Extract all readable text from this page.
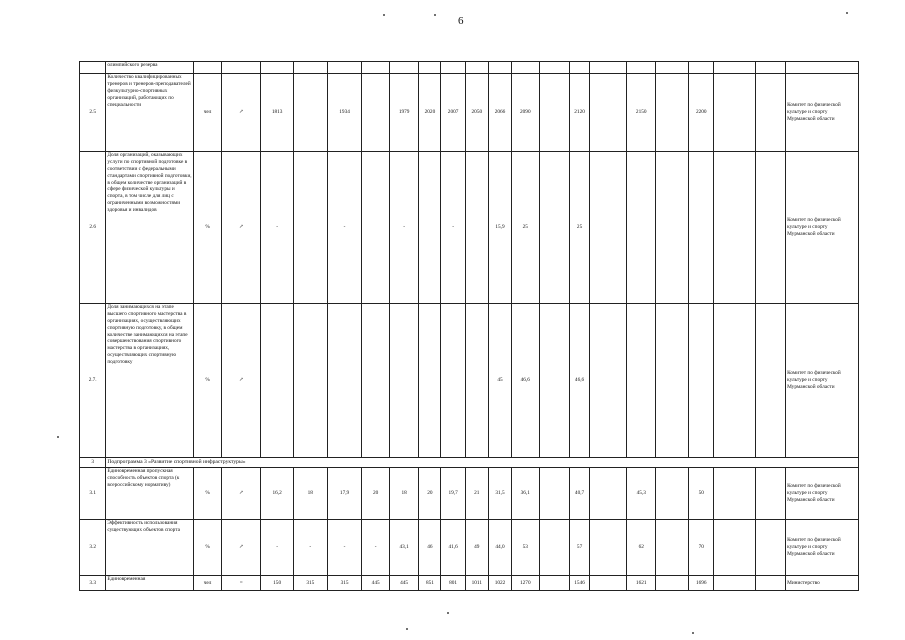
6
	олимпийского резерва																					
2.5	Количество квалифицированных тренеров и тренеров-преподавателей физкультурно-спортивных организаций, работающих по специальности	чел	↗	1813		1934		1979	2020	2007	2050	2066	2090		2120		2150		2200			Комитет по физической культуре и спорту Мурманской области
2.6	Доля организаций, оказывающих услуги по спортивной подготовке в соответствии с федеральными стандартами спортивной подготовки, в общем количестве организаций в сфере физической культуры и спорта, в том числе для лиц с ограниченными возможностями здоровья и инвалидов	%	↗	-		-		-		-		15,9	25		25							Комитет по физической культуре и спорту Мурманской области
2.7.	Доля занимающихся на этапе высшего спортивного мастерства в организациях, осуществляющих спортивную подготовку, в общем количестве занимающихся на этапе совершенствования спортивного мастерства в организациях, осуществляющих спортивную подготовку	%	↗									45	46,6		46,6							Комитет по физической культуре и спорту Мурманской области
3	Подпрограмма 3 «Развитие спортивной инфраструктуры»																					
3.1	Единовременная пропускная способность объектов спорта (к всероссийскому нормативу)	%	↗	16,2	18	17,9	20	18	20	19,7	21	31,5	36,1		40,7		45,3		50			Комитет по физической культуре и спорту Мурманской области
3.2	Эффективность использования существующих объектов спорта	%	↗	-	-	-	-	43,1	46	41,6	49	44,0	53		57		62		70			Комитет по физической культуре и спорту Мурманской области
3.3	Единовременная	чел	=	150	315	315	445	445	851	801	1011	1022	1270		1546		1621		1696			Министерство
